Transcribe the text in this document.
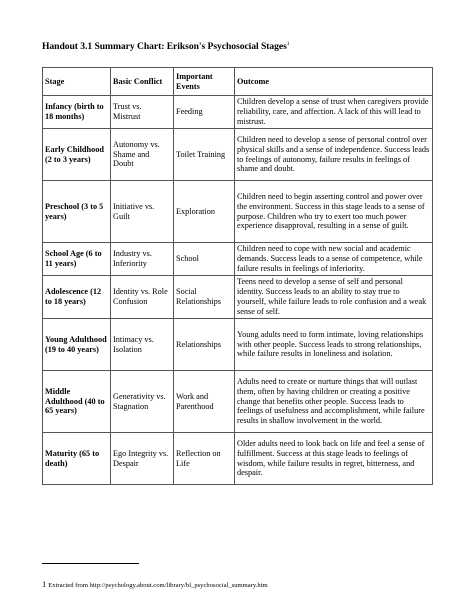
Handout 3.1 Summary Chart: Erikson's Psychosocial Stages$^1$
Stage	Basic Conflict	Important Events	Outcome
Infancy (birth to 18 months)	Trust vs. Mistrust	Feeding	Children develop a sense of trust when caregivers provide reliability, care, and affection. A lack of this will lead to mistrust.
Early Childhood (2 to 3 years)	Autonomy vs. Shame and Doubt	Toilet Training	Children need to develop a sense of personal control over physical skills and a sense of independence. Success leads to feelings of autonomy, failure results in feelings of shame and doubt.
Preschool (3 to 5 years)	Initiative vs. Guilt	Exploration	Children need to begin asserting control and power over the environment. Success in this stage leads to a sense of purpose. Children who try to exert too much power experience disapproval, resulting in a sense of guilt.
School Age (6 to 11 years)	Industry vs. Inferiority	School	Children need to cope with new social and academic demands. Success leads to a sense of competence, while failure results in feelings of inferiority.
Adolescence (12 to 18 years)	Identity vs. Role Confusion	Social Relationships	Teens need to develop a sense of self and personal identity. Success leads to an ability to stay true to yourself, while failure leads to role confusion and a weak sense of self.
Young Adulthood (19 to 40 years)	Intimacy vs. Isolation	Relationships	Young adults need to form intimate, loving relationships with other people. Success leads to strong relationships, while failure results in loneliness and isolation.
Middle Adulthood (40 to 65 years)	Generativity vs. Stagnation	Work and Parenthood	Adults need to create or nurture things that will outlast them, often by having children or creating a positive change that benefits other people. Success leads to feelings of usefulness and accomplishment, while failure results in shallow involvement in the world.
Maturity (65 to death)	Ego Integrity vs. Despair	Reflection on Life	Older adults need to look back on life and feel a sense of fulfillment. Success at this stage leads to feelings of wisdom, while failure results in regret, bitterness, and despair.
1 Extracted from http://psychology.about.com/library/bl_psychosocial_summary.htm
